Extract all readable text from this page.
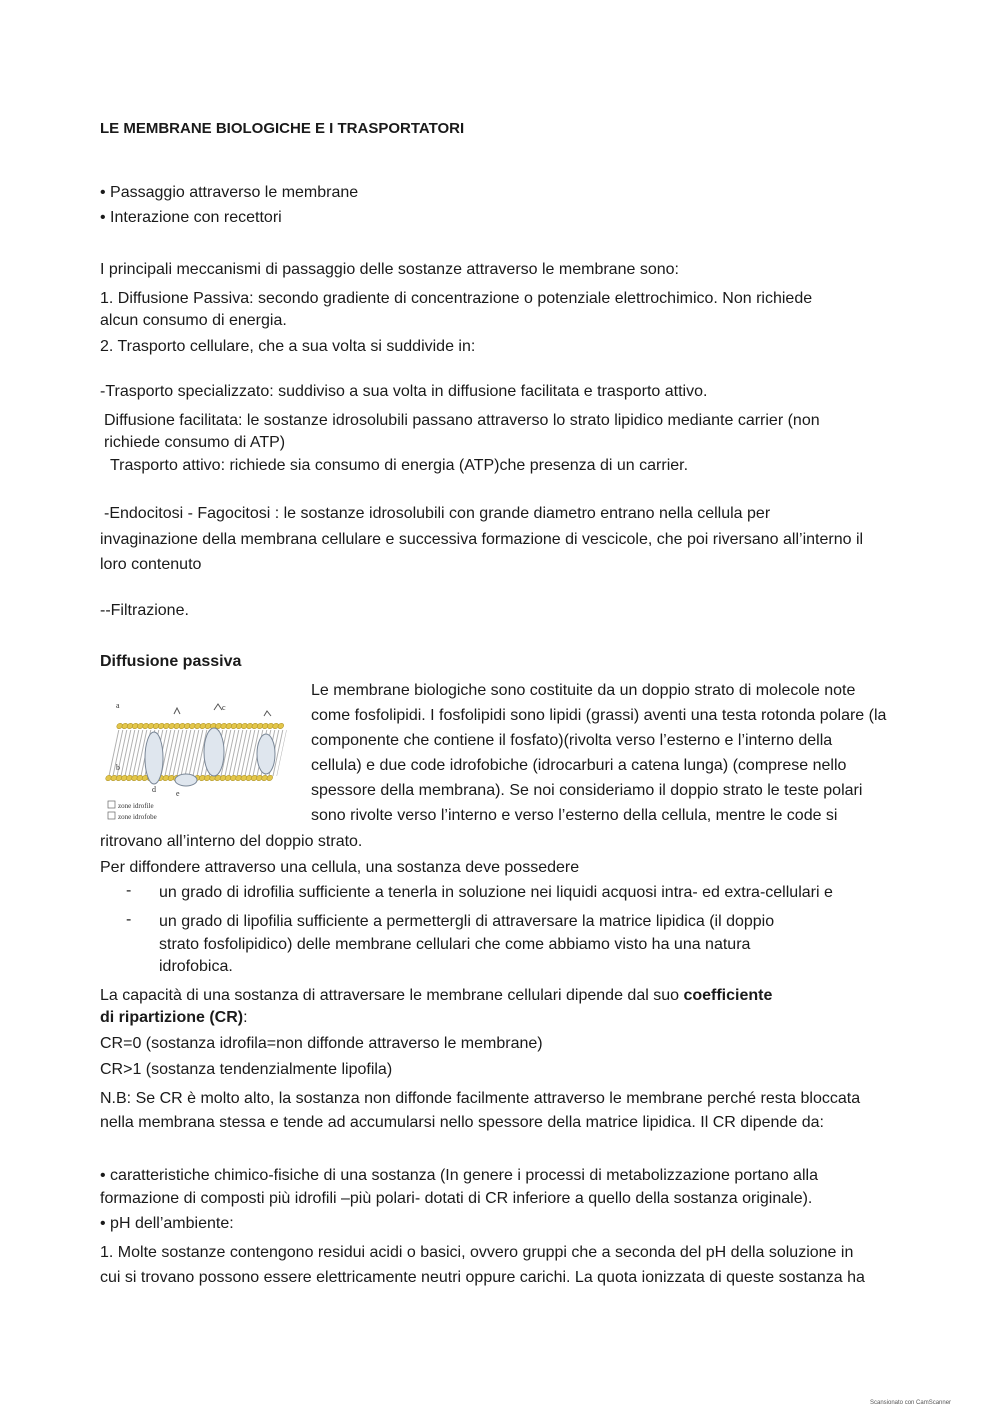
LE MEMBRANE BIOLOGICHE E I TRASPORTATORI
• Passaggio attraverso le membrane
• Interazione con recettori
I principali meccanismi di passaggio delle sostanze attraverso le membrane sono:
1. Diffusione Passiva: secondo gradiente di concentrazione o potenziale elettrochimico. Non richiede
alcun consumo di energia.
2. Trasporto cellulare, che a sua volta si suddivide in:
-Trasporto specializzato: suddiviso a sua volta in diffusione facilitata e trasporto attivo.
Diffusione facilitata: le sostanze idrosolubili passano attraverso lo strato lipidico mediante carrier (non
richiede consumo di ATP)
Trasporto attivo: richiede sia consumo di energia (ATP)che presenza di un carrier.
-Endocitosi - Fagocitosi : le sostanze idrosolubili con grande diametro entrano nella cellula per
invaginazione della membrana cellulare e successiva formazione di vescicole, che poi riversano all’interno il
loro contenuto
--Filtrazione.
Diffusione passiva
a
b
c
d	e
zone idrofile
zone idrofobe
Le membrane biologiche sono costituite da un doppio strato di molecole note
come fosfolipidi. I fosfolipidi sono lipidi (grassi) aventi una testa rotonda polare (la
componente che contiene il fosfato)(rivolta verso l’esterno e l’interno della
cellula) e due code idrofobiche (idrocarburi a catena lunga) (comprese nello
spessore della membrana). Se noi consideriamo il doppio strato le teste polari
sono rivolte verso l’interno e verso l’esterno della cellula, mentre le code si
ritrovano all’interno del doppio strato.
Per diffondere attraverso una cellula, una sostanza deve possedere
- un grado di idrofilia sufficiente a tenerla in soluzione nei liquidi acquosi intra- ed extra-cellulari e
- un grado di lipofilia sufficiente a permettergli di attraversare la matrice lipidica (il doppio
strato fosfolipidico) delle membrane cellulari che come abbiamo visto ha una natura
idrofobica.
La capacità di una sostanza di attraversare le membrane cellulari dipende dal suo coefficiente
di ripartizione (CR):
CR=0 (sostanza idrofila=non diffonde attraverso le membrane)
CR>1 (sostanza tendenzialmente lipofila)
N.B: Se CR è molto alto, la sostanza non diffonde facilmente attraverso le membrane perché resta bloccata
nella membrana stessa e tende ad accumularsi nello spessore della matrice lipidica. Il CR dipende da:
• caratteristiche chimico-fisiche di una sostanza (In genere i processi di metabolizzazione portano alla
formazione di composti più idrofili –più polari- dotati di CR inferiore a quello della sostanza originale).
• pH dell’ambiente:
1. Molte sostanze contengono residui acidi o basici, ovvero gruppi che a seconda del pH della soluzione in
cui si trovano possono essere elettricamente neutri oppure carichi. La quota ionizzata di queste sostanza ha
Scansionato con CamScanner
